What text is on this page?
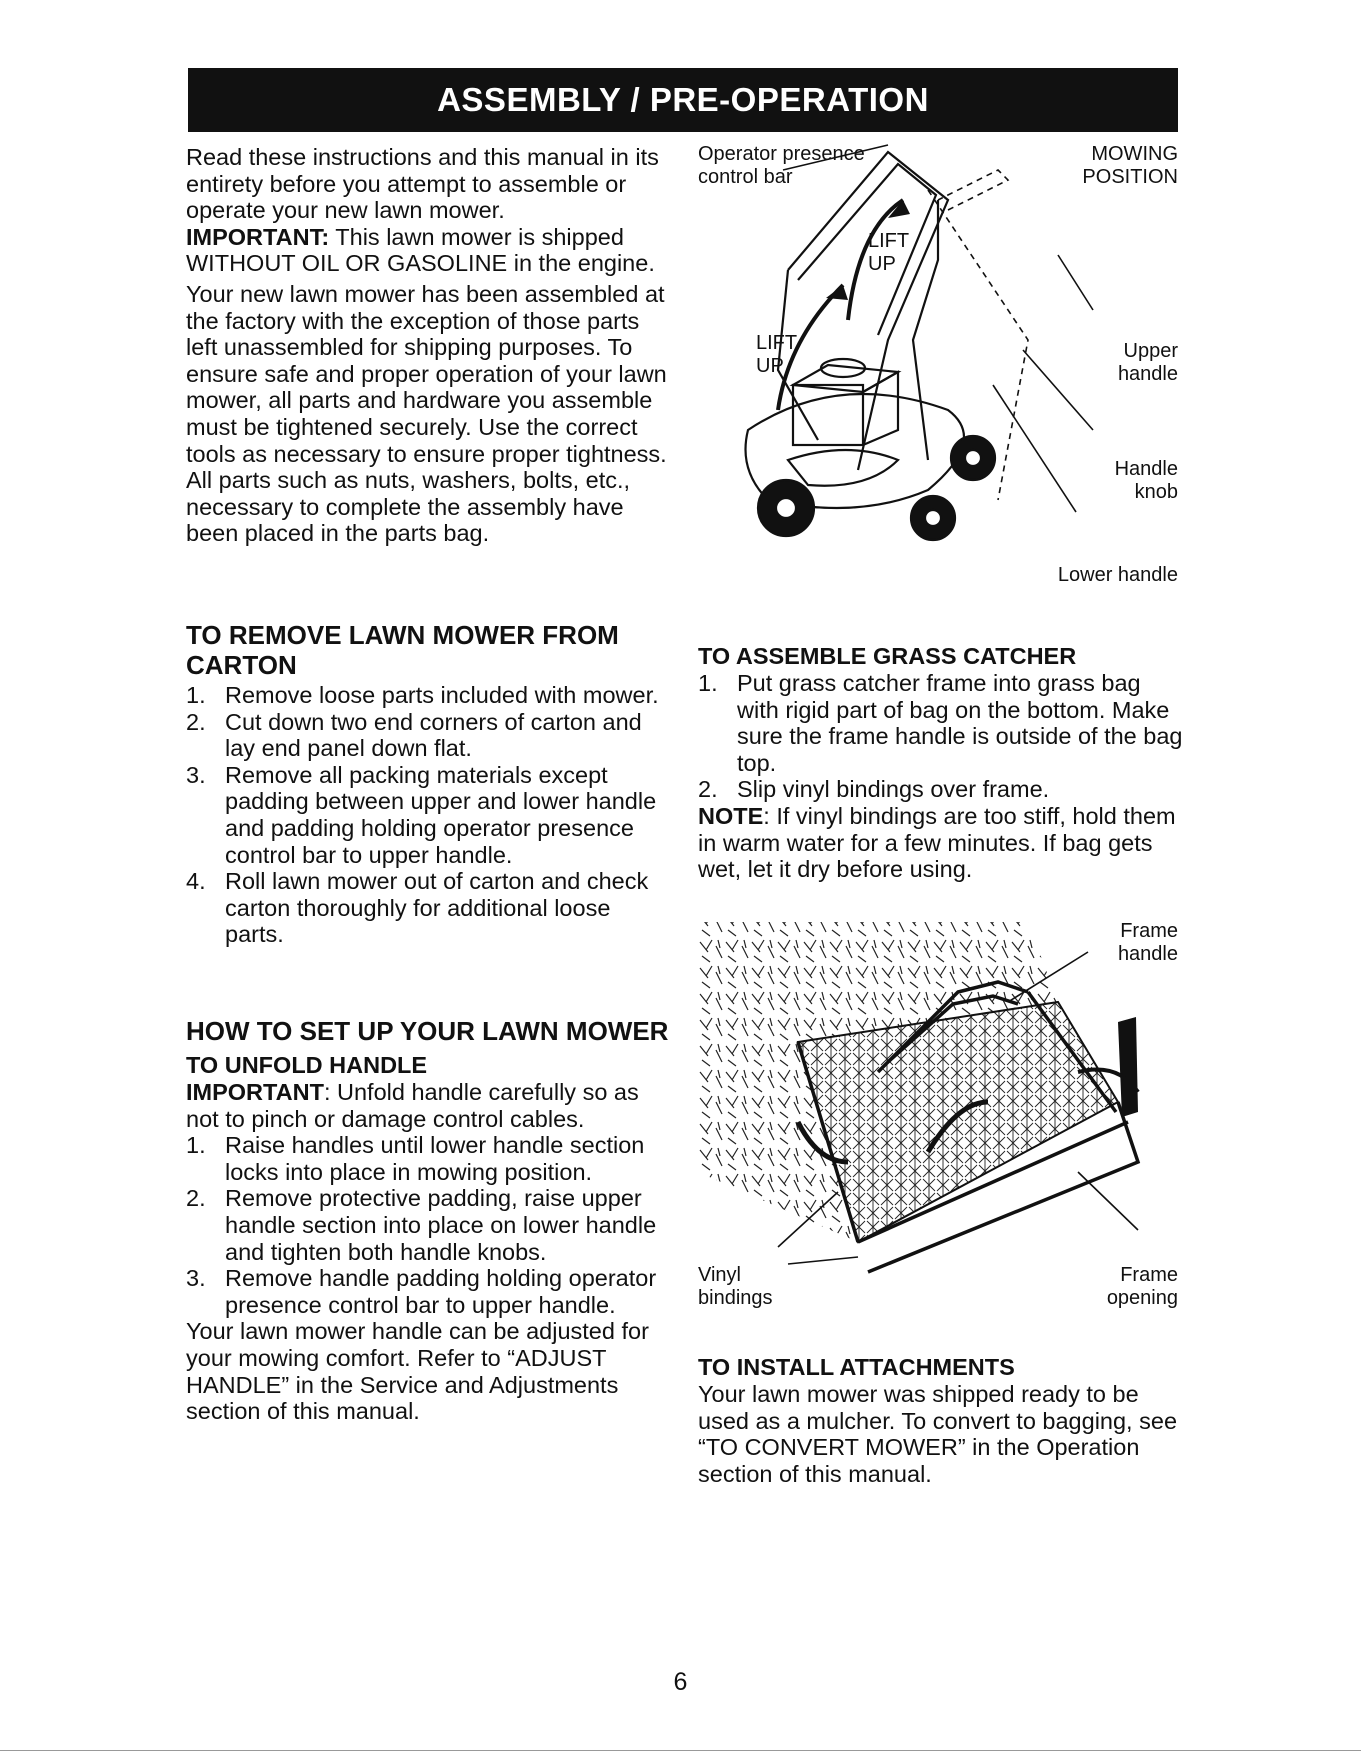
ASSEMBLY / PRE-OPERATION

Read these instructions and this manual in its entirety before you attempt to assemble or operate your new lawn mower.

IMPORTANT: This lawn mower is shipped WITHOUT OIL OR GASOLINE in the engine.

Your new lawn mower has been assembled at the factory with the exception of those parts left unassembled for shipping purposes. To ensure safe and proper operation of your lawn mower, all parts and hardware you assemble must be tightened securely. Use the correct tools as necessary to ensure proper tightness. All parts such as nuts, washers, bolts, etc., necessary to complete the assembly have been placed in the parts bag.

TO REMOVE LAWN MOWER FROM CARTON
1. Remove loose parts included with mower.
2. Cut down two end corners of carton and lay end panel down flat.
3. Remove all packing materials except padding between upper and lower handle and padding holding operator presence control bar to upper handle.
4. Roll lawn mower out of carton and check carton thoroughly for additional loose parts.
HOW TO SET UP YOUR LAWN MOWER
TO UNFOLD HANDLE

IMPORTANT: Unfold handle carefully so as not to pinch or damage control cables.

1. Raise handles until lower handle section locks into place in mowing position.
2. Remove protective padding, raise upper handle section into place on lower handle and tighten both handle knobs.
3. Remove handle padding holding operator presence control bar to upper handle.

Your lawn mower handle can be adjusted for your mowing comfort. Refer to “ADJUST HANDLE” in the Service and Adjustments section of this manual.

Operator presence control bar
MOWING POSITION
LIFT UP
LIFT UP
Upper handle
Handle knob
Lower handle
TO ASSEMBLE GRASS CATCHER
1. Put grass catcher frame into grass bag with rigid part of bag on the bottom. Make sure the frame handle is outside of the bag top.
2. Slip vinyl bindings over frame.

NOTE: If vinyl bindings are too stiff, hold them in warm water for a few minutes. If bag gets wet, let it dry before using.

Frame handle
Vinyl bindings
Frame opening
TO INSTALL ATTACHMENTS

Your lawn mower was shipped ready to be used as a mulcher. To convert to bagging, see “TO CONVERT MOWER” in the Operation section of this manual.

6
